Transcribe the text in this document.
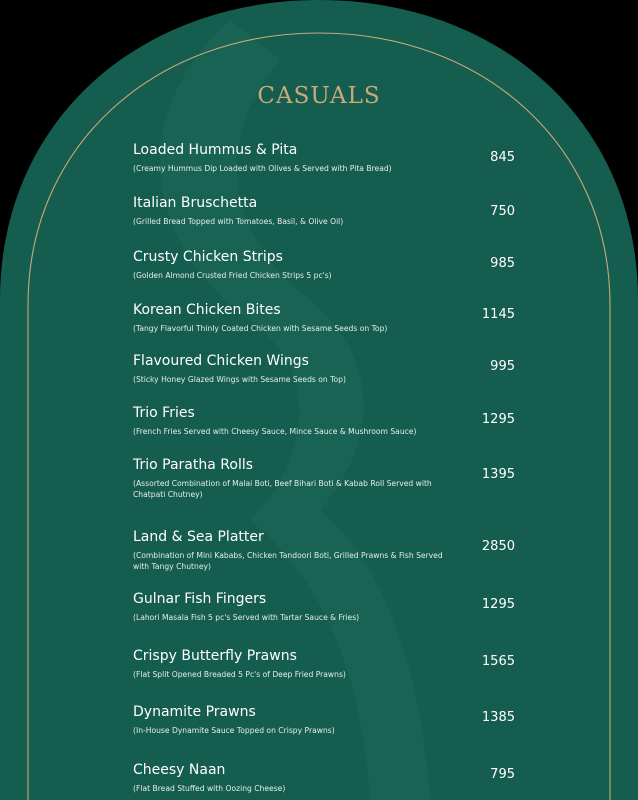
CASUALS
845
Loaded Hummus & Pita
(Creamy Hummus Dip Loaded with Olives & Served with Pita Bread)
750
Italian Bruschetta
(Grilled Bread Topped with Tomatoes, Basil, & Olive Oil)
985
Crusty Chicken Strips
(Golden Almond Crusted Fried Chicken Strips 5 pc's)
1145
Korean Chicken Bites
(Tangy Flavorful Thinly Coated Chicken with Sesame Seeds on Top)
995
Flavoured Chicken Wings
(Sticky Honey Glazed Wings with Sesame Seeds on Top)
1295
Trio Fries
(French Fries Served with Cheesy Sauce, Mince Sauce & Mushroom Sauce)
1395
Trio Paratha Rolls
(Assorted Combination of Malai Boti, Beef Bihari Boti & Kabab Roll Served with Chatpati Chutney)
2850
Land & Sea Platter
(Combination of Mini Kababs, Chicken Tandoori Boti, Grilled Prawns & Fish Served with Tangy Chutney)
1295
Gulnar Fish Fingers
(Lahori Masala Fish 5 pc's Served with Tartar Sauce & Fries)
1565
Crispy Butterfly Prawns
(Flat Split Opened Breaded 5 Pc's of Deep Fried Prawns)
1385
Dynamite Prawns
(In-House Dynamite Sauce Topped on Crispy Prawns)
795
Cheesy Naan
(Flat Bread Stuffed with Oozing Cheese)
